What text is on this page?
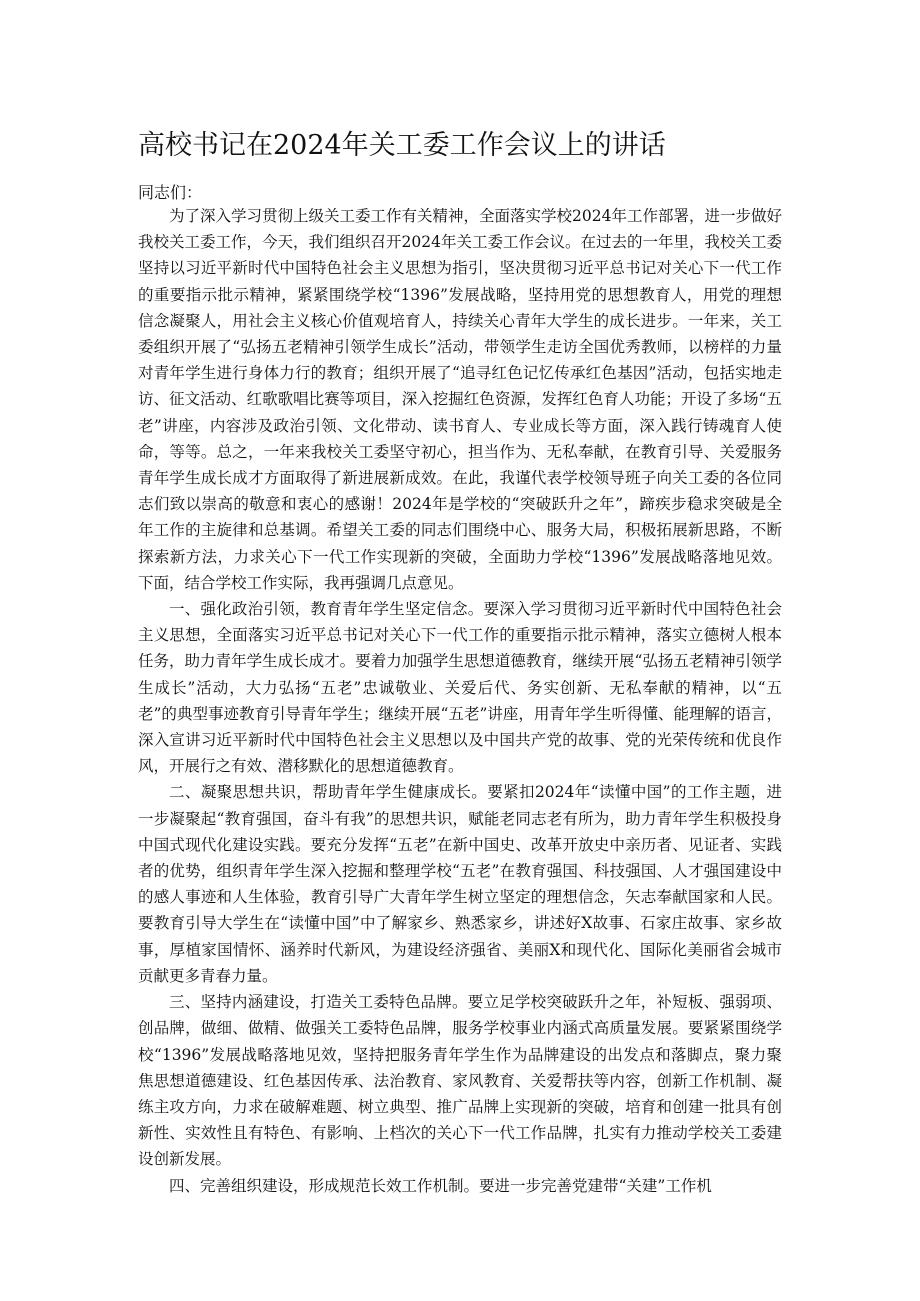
高校书记在2024年关工委工作会议上的讲话
同志们：

为了深入学习贯彻上级关工委工作有关精神，全面落实学校2024年工作部署，进一步做好我校关工委工作，今天，我们组织召开2024年关工委工作会议。在过去的一年里，我校关工委坚持以习近平新时代中国特色社会主义思想为指引，坚决贯彻习近平总书记对关心下一代工作的重要指示批示精神，紧紧围绕学校“1396”发展战略，坚持用党的思想教育人，用党的理想信念凝聚人，用社会主义核心价值观培育人，持续关心青年大学生的成长进步。一年来，关工委组织开展了“弘扬五老精神引领学生成长”活动，带领学生走访全国优秀教师，以榜样的力量对青年学生进行身体力行的教育；组织开展了“追寻红色记忆传承红色基因”活动，包括实地走访、征文活动、红歌歌唱比赛等项目，深入挖掘红色资源，发挥红色育人功能；开设了多场“五老”讲座，内容涉及政治引领、文化带动、读书育人、专业成长等方面，深入践行铸魂育人使命，等等。总之，一年来我校关工委坚守初心，担当作为、无私奉献，在教育引导、关爱服务青年学生成长成才方面取得了新进展新成效。在此，我谨代表学校领导班子向关工委的各位同志们致以崇高的敬意和衷心的感谢！2024年是学校的“突破跃升之年”，蹄疾步稳求突破是全年工作的主旋律和总基调。希望关工委的同志们围绕中心、服务大局，积极拓展新思路，不断探索新方法，力求关心下一代工作实现新的突破，全面助力学校“1396”发展战略落地见效。下面，结合学校工作实际，我再强调几点意见。

一、强化政治引领，教育青年学生坚定信念。要深入学习贯彻习近平新时代中国特色社会主义思想，全面落实习近平总书记对关心下一代工作的重要指示批示精神，落实立德树人根本任务，助力青年学生成长成才。要着力加强学生思想道德教育，继续开展“弘扬五老精神引领学生成长”活动，大力弘扬“五老”忠诚敬业、关爱后代、务实创新、无私奉献的精神，以“五老”的典型事迹教育引导青年学生；继续开展“五老”讲座，用青年学生听得懂、能理解的语言，深入宣讲习近平新时代中国特色社会主义思想以及中国共产党的故事、党的光荣传统和优良作风，开展行之有效、潜移默化的思想道德教育。

二、凝聚思想共识，帮助青年学生健康成长。要紧扣2024年“读懂中国”的工作主题，进一步凝聚起“教育强国，奋斗有我”的思想共识，赋能老同志老有所为，助力青年学生积极投身中国式现代化建设实践。要充分发挥“五老”在新中国史、改革开放史中亲历者、见证者、实践者的优势，组织青年学生深入挖掘和整理学校“五老”在教育强国、科技强国、人才强国建设中的感人事迹和人生体验，教育引导广大青年学生树立坚定的理想信念，矢志奉献国家和人民。要教育引导大学生在“读懂中国”中了解家乡、熟悉家乡，讲述好X故事、石家庄故事、家乡故事，厚植家国情怀、涵养时代新风，为建设经济强省、美丽X和现代化、国际化美丽省会城市贡献更多青春力量。

三、坚持内涵建设，打造关工委特色品牌。要立足学校突破跃升之年，补短板、强弱项、创品牌，做细、做精、做强关工委特色品牌，服务学校事业内涵式高质量发展。要紧紧围绕学校“1396”发展战略落地见效，坚持把服务青年学生作为品牌建设的出发点和落脚点，聚力聚焦思想道德建设、红色基因传承、法治教育、家风教育、关爱帮扶等内容，创新工作机制、凝练主攻方向，力求在破解难题、树立典型、推广品牌上实现新的突破，培育和创建一批具有创新性、实效性且有特色、有影响、上档次的关心下一代工作品牌，扎实有力推动学校关工委建设创新发展。

四、完善组织建设，形成规范长效工作机制。要进一步完善党建带“关建”工作机
